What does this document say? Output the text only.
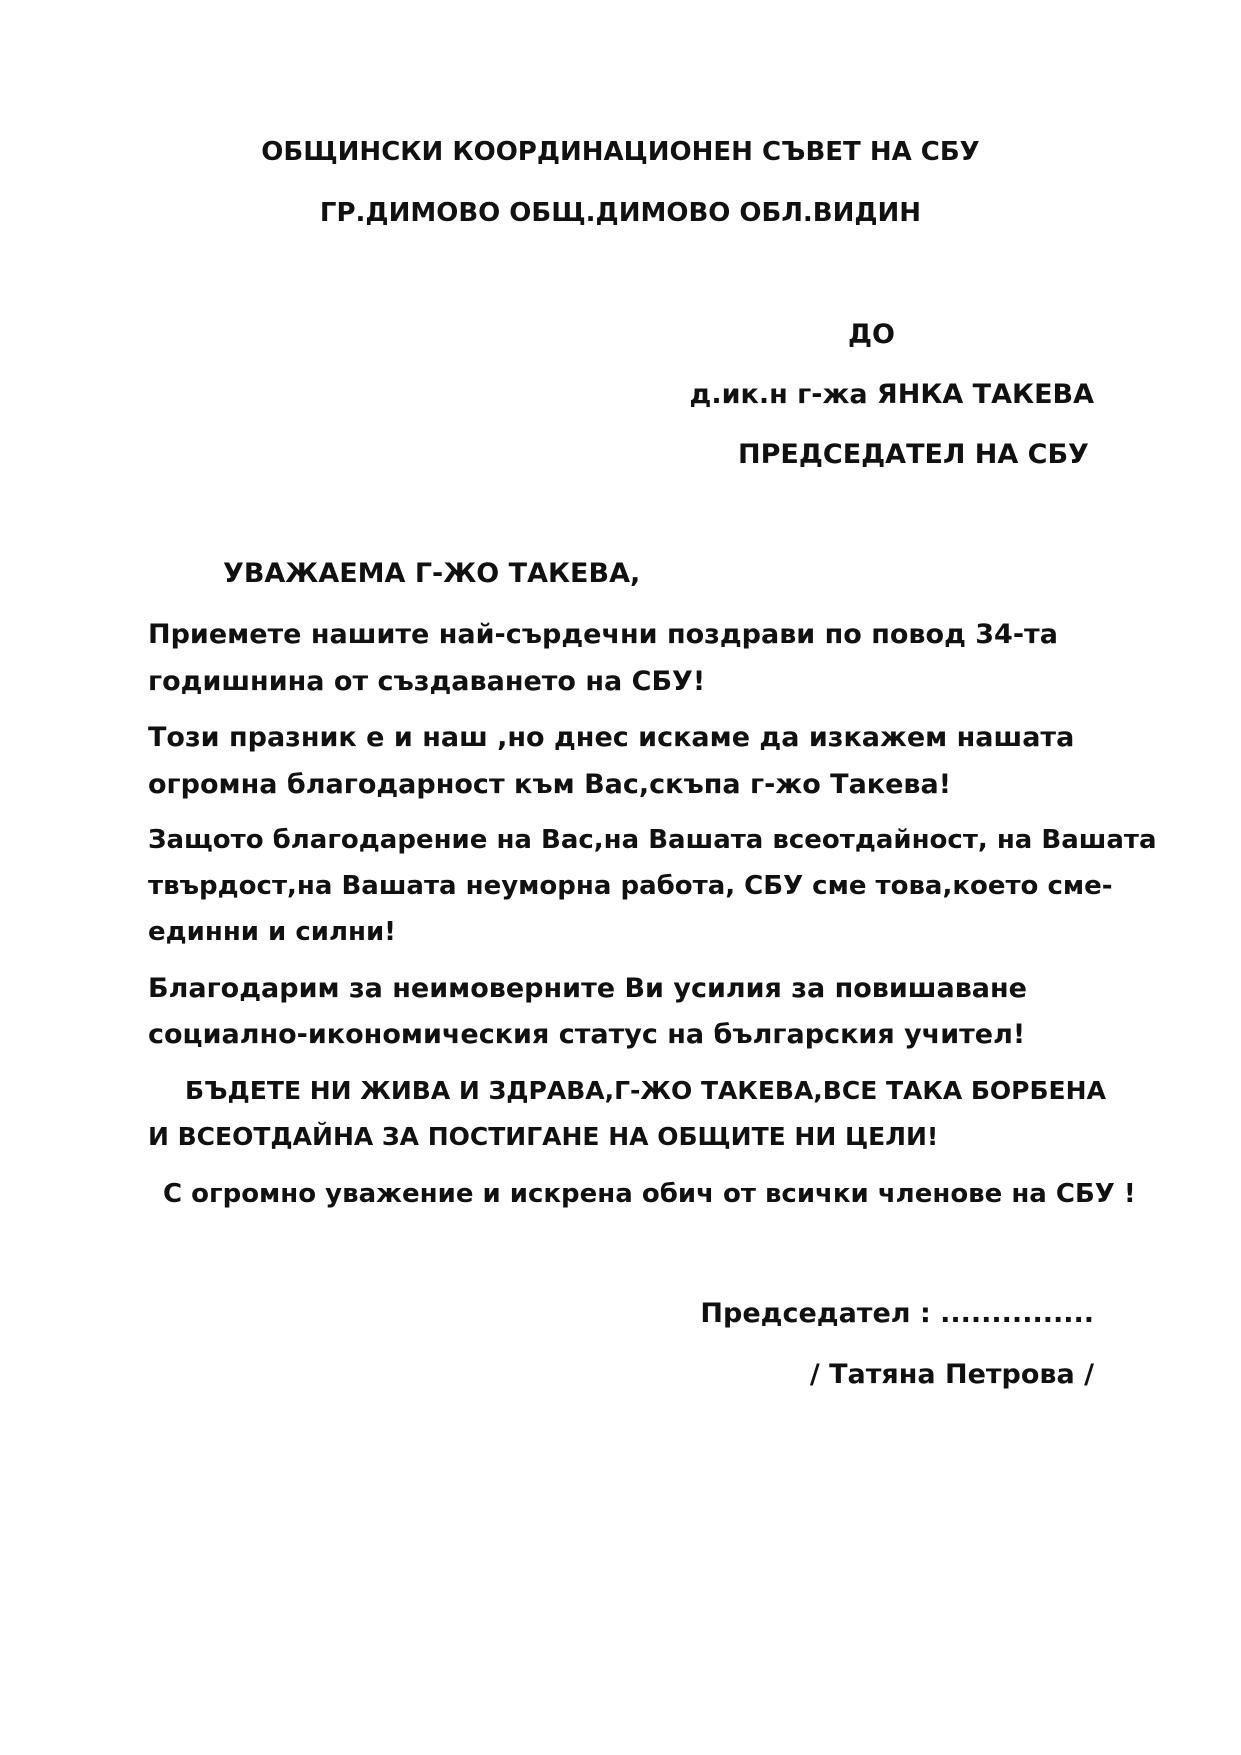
ОБЩИНСКИ КООРДИНАЦИОНЕН СЪВЕТ НА СБУ
ГР.ДИМОВО ОБЩ.ДИМОВО ОБЛ.ВИДИН
ДО
д.ик.н г-жа ЯНКА ТАКЕВА
ПРЕДСЕДАТЕЛ НА СБУ
УВАЖАЕМА Г-ЖО ТАКЕВА,
Приемете нашите най-сърдечни поздрави по повод 34-та
годишнина от създаването на СБУ!
Този празник е и наш ,но днес искаме да изкажем нашата
огромна благодарност към Вас,скъпа г-жо Такева!
Защото благодарение на Вас,на Вашата всеотдайност, на Вашата
твърдост,на Вашата неуморна работа, СБУ сме това,което сме-
единни и силни!
Благодарим за неимоверните Ви усилия за повишаване
социално-икономическия статус на българския учител!
БЪДЕТЕ НИ ЖИВА И ЗДРАВА,Г-ЖО ТАКЕВА,ВСЕ ТАКА БОРБЕНА
И ВСЕОТДАЙНА ЗА ПОСТИГАНЕ НА ОБЩИТЕ НИ ЦЕЛИ!
С огромно уважение и искрена обич от всички членове на СБУ !
Председател : ...............
/ Татяна Петрова /
